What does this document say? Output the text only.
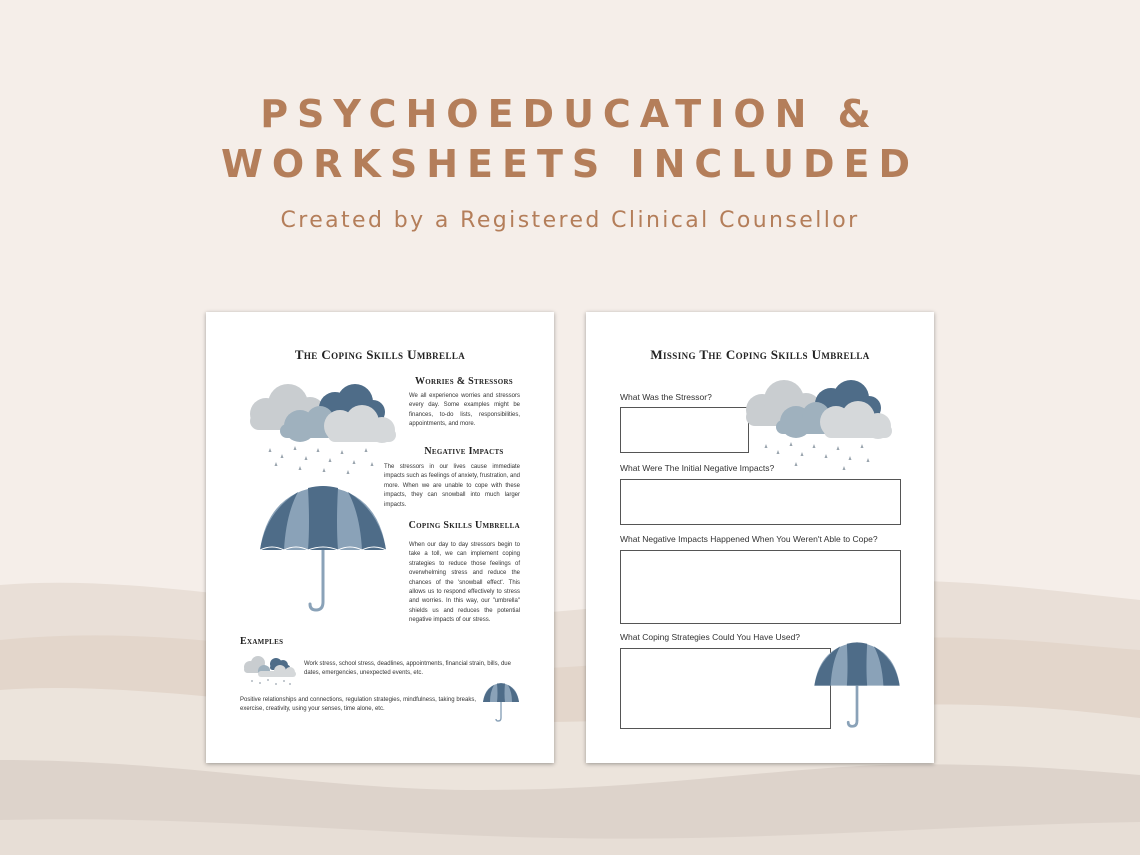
PSYCHOEDUCATION &
WORKSHEETS INCLUDED
Created by a Registered Clinical Counsellor
The Coping Skills Umbrella
Worries & Stressors

We all experience worries and stressors every day. Some examples might be finances, to-do lists, responsibilities, appointments, and more.

Negative Impacts

The stressors in our lives cause immediate impacts such as feelings of anxiety, frustration, and more. When we are unable to cope with these impacts, they can snowball into much larger impacts.

Coping Skills Umbrella

When our day to day stressors begin to take a toll, we can implement coping strategies to reduce those feelings of overwhelming stress and reduce the chances of the 'snowball effect'. This allows us to respond effectively to stress and worries. In this way, our "umbrella" shields us and reduces the potential negative impacts of our stress.

Examples

Work stress, school stress, deadlines, appointments, financial strain, bills, due dates, emergencies, unexpected events, etc.

Positive relationships and connections, regulation strategies, mindfulness, taking breaks, exercise, creativity, using your senses, time alone, etc.

Missing The Coping Skills Umbrella
What Was the Stressor?
What Were The Initial Negative Impacts?
What Negative Impacts Happened When You Weren't Able to Cope?
What Coping Strategies Could You Have Used?
